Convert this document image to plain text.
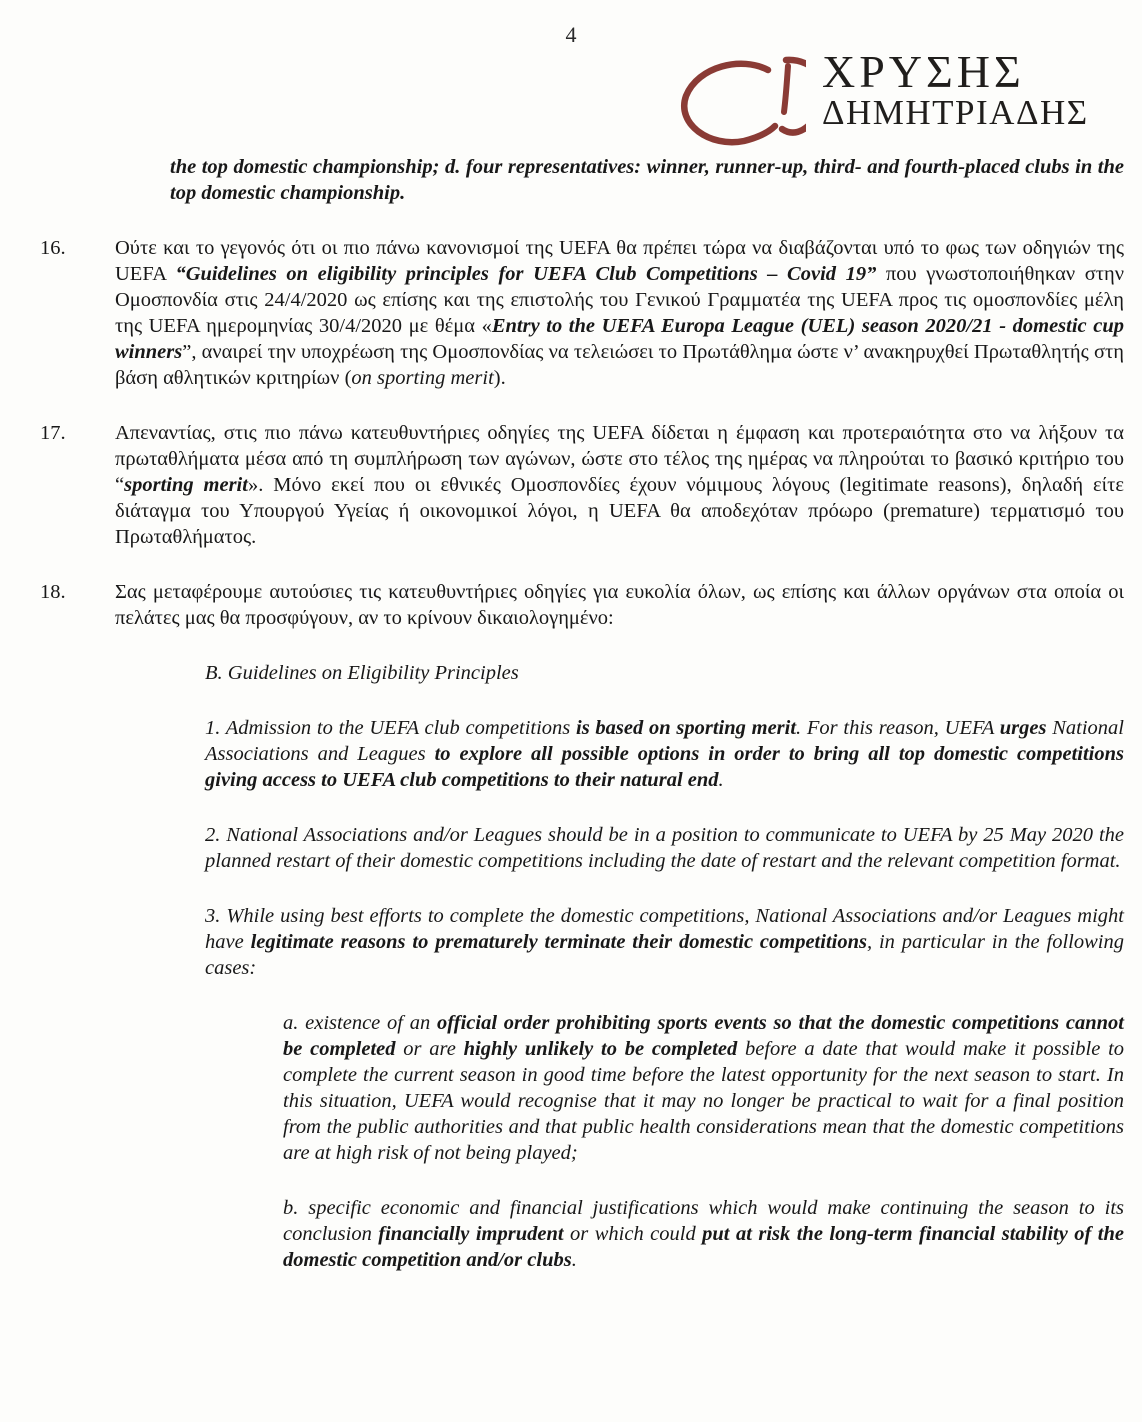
4
ΧΡΥΣΗΣ
ΔΗΜΗΤΡΙΑΔΗΣ
the top domestic championship; d. four representatives: winner, runner-up, third- and fourth-placed clubs in the top domestic championship.
16.	Ούτε και το γεγονός ότι οι πιο πάνω κανονισμοί της UEFA θα πρέπει τώρα να διαβάζονται υπό το φως των οδηγιών της UEFA “Guidelines on eligibility principles for UEFA Club Competitions – Covid 19” που γνωστοποιήθηκαν στην Ομοσπονδία στις 24/4/2020 ως επίσης και της επιστολής του Γενικού Γραμματέα της UEFA προς τις ομοσπονδίες μέλη της UEFA ημερομηνίας 30/4/2020 με θέμα «Entry to the UEFA Europa League (UEL) season 2020/21 - domestic cup winners”, αναιρεί την υποχρέωση της Ομοσπονδίας να τελειώσει το Πρωτάθλημα ώστε ν’ ανακηρυχθεί Πρωταθλητής στη βάση αθλητικών κριτηρίων (on sporting merit).
17.	Απεναντίας, στις πιο πάνω κατευθυντήριες οδηγίες της UEFA δίδεται η έμφαση και προτεραιότητα στο να λήξουν τα πρωταθλήματα μέσα από τη συμπλήρωση των αγώνων, ώστε στο τέλος της ημέρας να πληρούται το βασικό κριτήριο του “sporting merit». Μόνο εκεί που οι εθνικές Ομοσπονδίες έχουν νόμιμους λόγους (legitimate reasons), δηλαδή είτε διάταγμα του Υπουργού Υγείας ή οικονομικοί λόγοι, η UEFA θα αποδεχόταν πρόωρο (premature) τερματισμό του Πρωταθλήματος.
18.	Σας μεταφέρουμε αυτούσιες τις κατευθυντήριες οδηγίες για ευκολία όλων, ως επίσης και άλλων οργάνων στα οποία οι πελάτες μας θα προσφύγουν, αν το κρίνουν δικαιολογημένο:
B. Guidelines on Eligibility Principles
1. Admission to the UEFA club competitions is based on sporting merit. For this reason, UEFA urges National Associations and Leagues to explore all possible options in order to bring all top domestic competitions giving access to UEFA club competitions to their natural end.
2. National Associations and/or Leagues should be in a position to communicate to UEFA by 25 May 2020 the planned restart of their domestic competitions including the date of restart and the relevant competition format.
3. While using best efforts to complete the domestic competitions, National Associations and/or Leagues might have legitimate reasons to prematurely terminate their domestic competitions, in particular in the following cases:
a. existence of an official order prohibiting sports events so that the domestic competitions cannot be completed or are highly unlikely to be completed before a date that would make it possible to complete the current season in good time before the latest opportunity for the next season to start. In this situation, UEFA would recognise that it may no longer be practical to wait for a final position from the public authorities and that public health considerations mean that the domestic competitions are at high risk of not being played;
b. specific economic and financial justifications which would make continuing the season to its conclusion financially imprudent or which could put at risk the long-term financial stability of the domestic competition and/or clubs.
